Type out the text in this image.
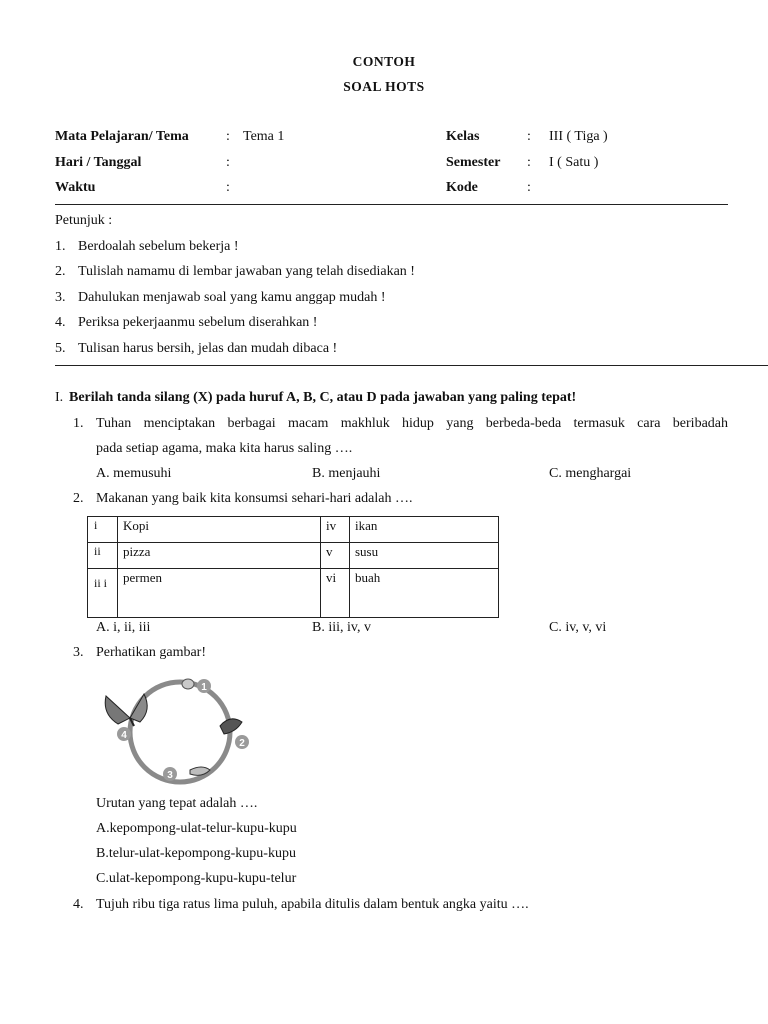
CONTOH
SOAL HOTS
Mata Pelajaran/ Tema	: Tema 1
Hari / Tanggal	:
Waktu	:
Kelas	: III ( Tiga )
Semester : I ( Satu )
Kode	:
Petunjuk :
1. Berdoalah sebelum bekerja !
2. Tulislah namamu di lembar jawaban yang telah disediakan !
3. Dahulukan menjawab soal yang kamu anggap mudah !
4. Periksa pekerjaanmu sebelum diserahkan !
5. Tulisan harus bersih, jelas dan mudah dibaca !
I. Berilah tanda silang (X) pada huruf A, B, C, atau D pada jawaban yang paling tepat!
1. Tuhan menciptakan berbagai macam makhluk hidup yang berbeda-beda termasuk cara beribadah
pada setiap agama, maka kita harus saling ….
A. memusuhi	B. menjauhi	C. menghargai
2. Makanan yang baik kita konsumsi sehari-hari adalah ….
i	Kopi	iv	ikan
ii	pizza	v	susu
ii i	permen	vi	buah
A. i, ii, iii	B. iii, iv, v	C. iv, v, vi
3. Perhatikan gambar!
1
2
3
4
Urutan yang tepat adalah ….
A.kepompong-ulat-telur-kupu-kupu
B.telur-ulat-kepompong-kupu-kupu
C.ulat-kepompong-kupu-kupu-telur
4. Tujuh ribu tiga ratus lima puluh, apabila ditulis dalam bentuk angka yaitu ….
